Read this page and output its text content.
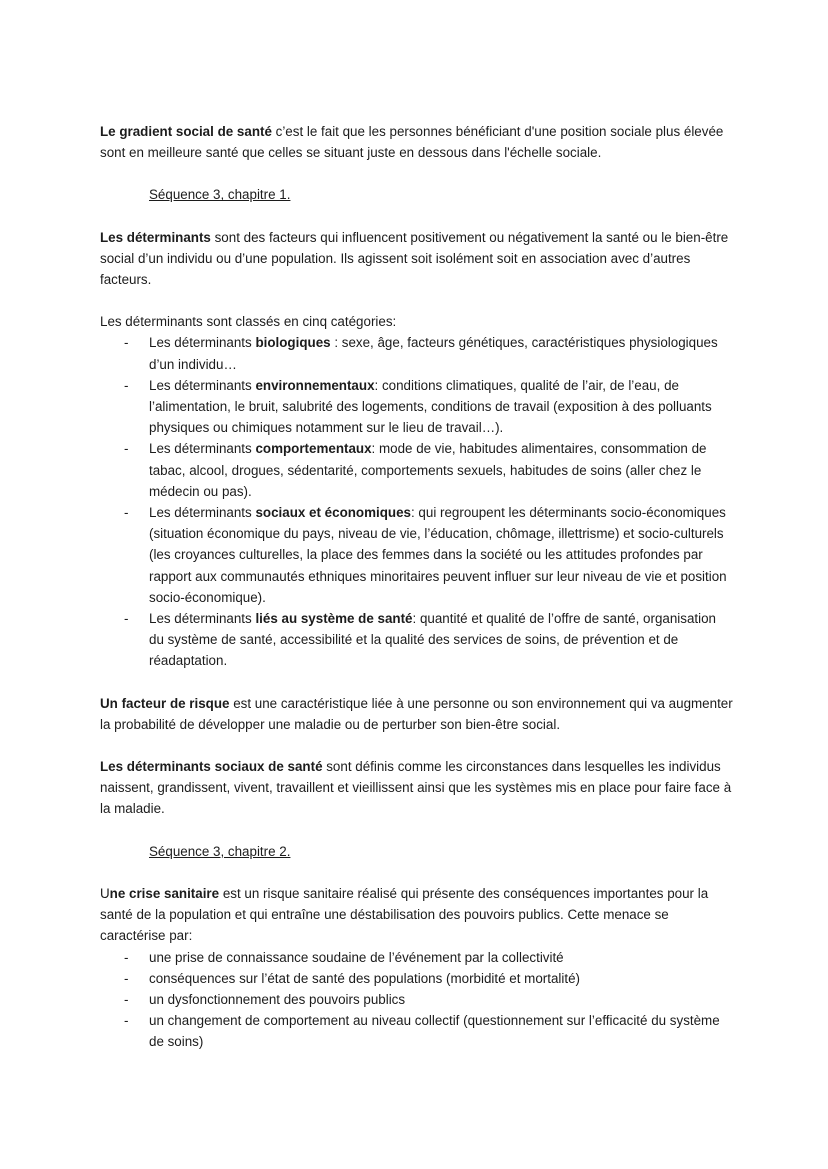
Le gradient social de santé c’est le fait que les personnes bénéficiant d'une position sociale plus élevée sont en meilleure santé que celles se situant juste en dessous dans l'échelle sociale.

Séquence 3, chapitre 1.

Les déterminants sont des facteurs qui influencent positivement ou négativement la santé ou le bien-être social d’un individu ou d’une population. Ils agissent soit isolément soit en association avec d’autres facteurs.

Les déterminants sont classés en cinq catégories:

- Les déterminants biologiques : sexe, âge, facteurs génétiques, caractéristiques physiologiques d’un individu…
- Les déterminants environnementaux: conditions climatiques, qualité de l’air, de l’eau, de l’alimentation, le bruit, salubrité des logements, conditions de travail (exposition à des polluants physiques ou chimiques notamment sur le lieu de travail…).
- Les déterminants comportementaux: mode de vie, habitudes alimentaires, consommation de tabac, alcool, drogues, sédentarité, comportements sexuels, habitudes de soins (aller chez le médecin ou pas).
- Les déterminants sociaux et économiques: qui regroupent les déterminants socio-économiques (situation économique du pays, niveau de vie, l’éducation, chômage, illettrisme) et socio-culturels (les croyances culturelles, la place des femmes dans la société ou les attitudes profondes par rapport aux communautés ethniques minoritaires peuvent influer sur leur niveau de vie et position socio-économique).
- Les déterminants liés au système de santé: quantité et qualité de l’offre de santé, organisation du système de santé, accessibilité et la qualité des services de soins, de prévention et de réadaptation.

Un facteur de risque est une caractéristique liée à une personne ou son environnement qui va augmenter la probabilité de développer une maladie ou de perturber son bien-être social.

Les déterminants sociaux de santé sont définis comme les circonstances dans lesquelles les individus naissent, grandissent, vivent, travaillent et vieillissent ainsi que les systèmes mis en place pour faire face à la maladie.

Séquence 3, chapitre 2.

Une crise sanitaire est un risque sanitaire réalisé qui présente des conséquences importantes pour la santé de la population et qui entraîne une déstabilisation des pouvoirs publics. Cette menace se caractérise par:

- une prise de connaissance soudaine de l’événement par la collectivité
- conséquences sur l’état de santé des populations (morbidité et mortalité)
- un dysfonctionnement des pouvoirs publics
- un changement de comportement au niveau collectif (questionnement sur l’efficacité du système de soins)
